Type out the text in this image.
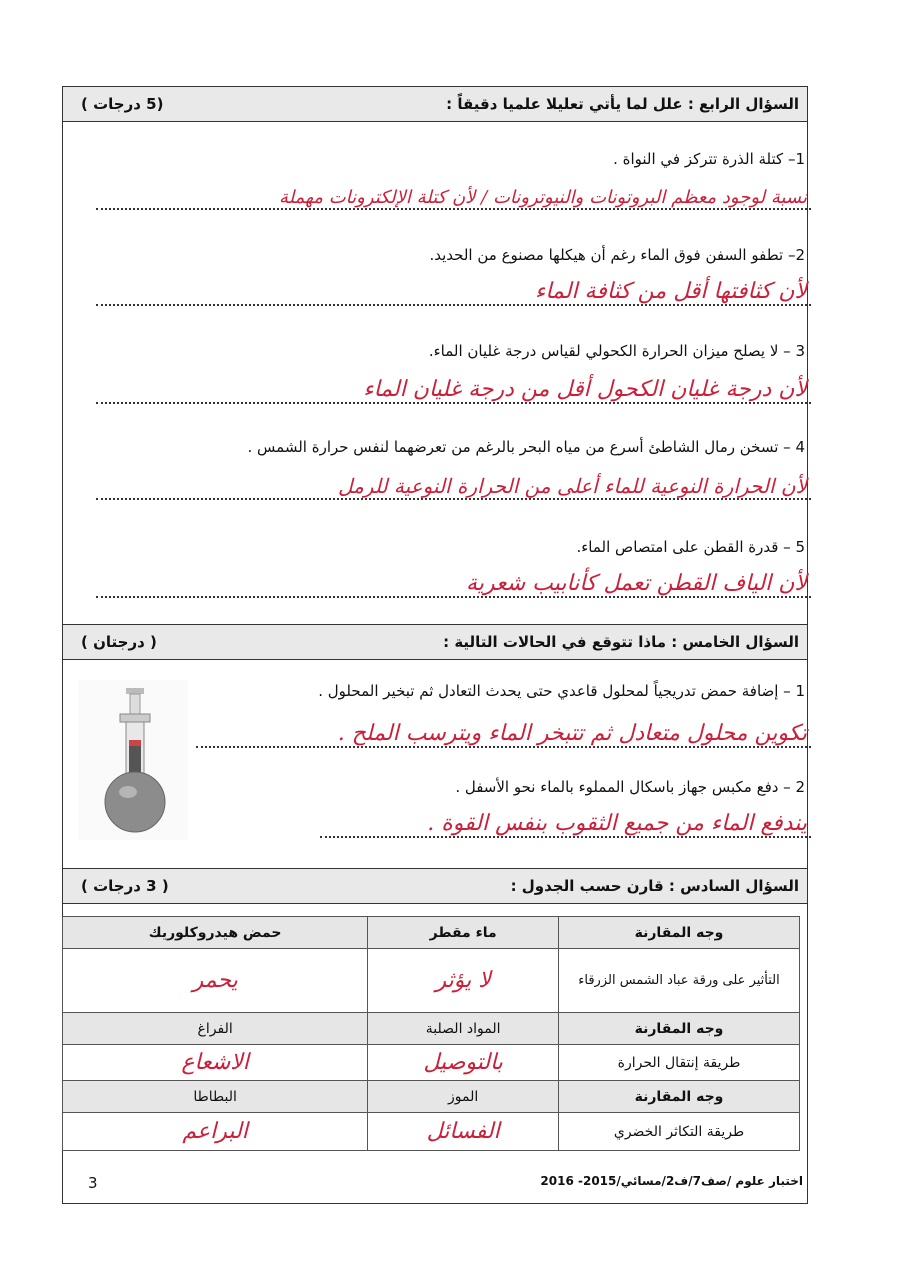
السؤال الرابع : علل لما يأتي تعليلا علميا دقيقاً :
(5 درجات )
1– كتلة الذرة تتركز في النواة .
نسبة لوجود معظم البروتونات والنيوترونات / لأن كتلة الإلكترونات مهملة
2– تطفو السفن فوق الماء رغم أن هيكلها مصنوع من الحديد.
لأن كثافتها أقل من كثافة الماء
3 – لا يصلح ميزان الحرارة الكحولي لقياس درجة غليان الماء.
لأن درجة غليان الكحول أقل من درجة غليان الماء
4 – تسخن رمال الشاطئ أسرع من مياه البحر بالرغم من تعرضهما لنفس حرارة الشمس .
لأن الحرارة النوعية للماء أعلى من الحرارة النوعية للرمل
5 – قدرة القطن على امتصاص الماء.
لأن الياف القطن تعمل كأنابيب شعرية
السؤال الخامس : ماذا تتوقع في الحالات التالية :
( درجتان )
1 – إضافة حمض تدريجياً لمحلول قاعدي حتى يحدث التعادل ثم تبخير المحلول .
تكوين محلول متعادل ثم تتبخر الماء ويترسب الملح .
2 – دفع مكبس جهاز باسكال المملوء بالماء نحو الأسفل .
يندفع الماء من جميع الثقوب بنفس القوة .
السؤال السادس : قارن حسب الجدول :
( 3 درجات )
وجه المقارنة	ماء مقطر	حمض هيدروكلوريك
التأثير على ورقة عباد الشمس الزرقاء	لا يؤثر	يحمر
وجه المقارنة	المواد الصلبة	الفراغ
طريقة إنتقال الحرارة	بالتوصيل	الاشعاع
وجه المقارنة	الموز	البطاطا
طريقة التكاثر الخضري	الفسائل	البراعم
3	اختبار علوم /صف7/ف2/مسائي/2015- 2016
